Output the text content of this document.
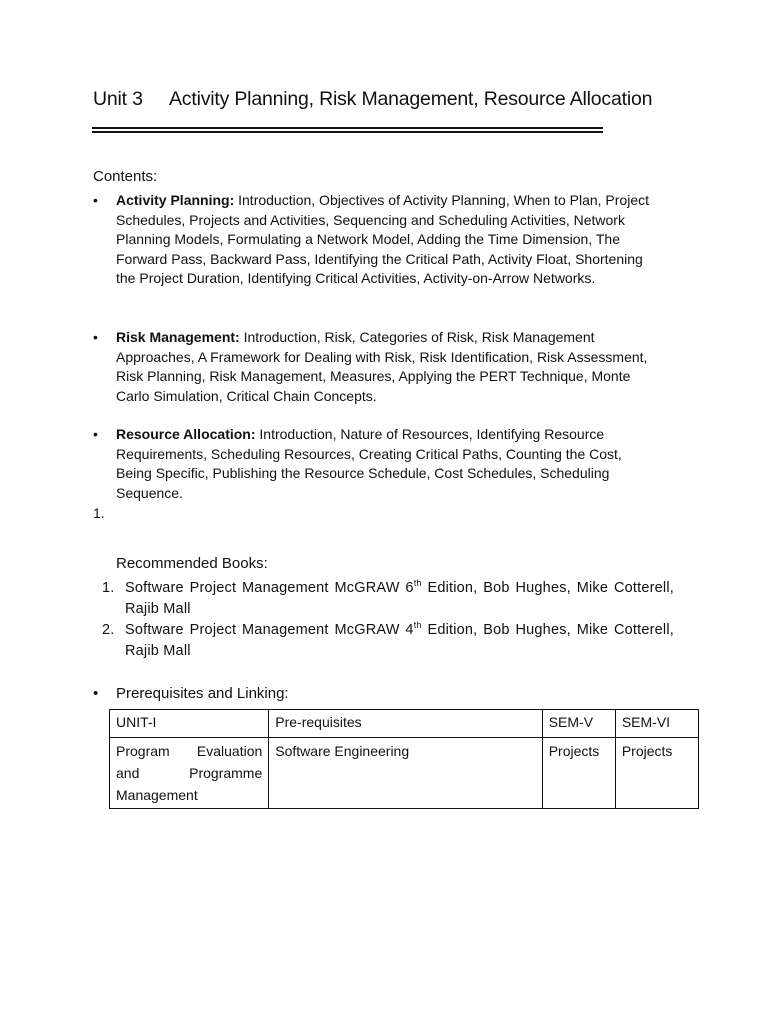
Unit 3 Activity Planning, Risk Management, Resource Allocation
Contents:
• Activity Planning: Introduction, Objectives of Activity Planning, When to Plan, Project Schedules, Projects and Activities, Sequencing and Scheduling Activities, Network Planning Models, Formulating a Network Model, Adding the Time Dimension, The Forward Pass, Backward Pass, Identifying the Critical Path, Activity Float, Shortening the Project Duration, Identifying Critical Activities, Activity-on-Arrow Networks.
• Risk Management: Introduction, Risk, Categories of Risk, Risk Management Approaches, A Framework for Dealing with Risk, Risk Identification, Risk Assessment, Risk Planning, Risk Management, Measures, Applying the PERT Technique, Monte Carlo Simulation, Critical Chain Concepts.
• Resource Allocation: Introduction, Nature of Resources, Identifying Resource Requirements, Scheduling Resources, Creating Critical Paths, Counting the Cost, Being Specific, Publishing the Resource Schedule, Cost Schedules, Scheduling Sequence.
1.
Recommended Books:
1. Software Project Management McGRAW 6th Edition, Bob Hughes, Mike Cotterell, Rajib Mall
2. Software Project Management McGRAW 4th Edition, Bob Hughes, Mike Cotterell, Rajib Mall
• Prerequisites and Linking:
UNIT-I	Pre-requisites	SEM-V	SEM-VI
Program Evaluation and Programme Management	Software Engineering	Projects	Projects
